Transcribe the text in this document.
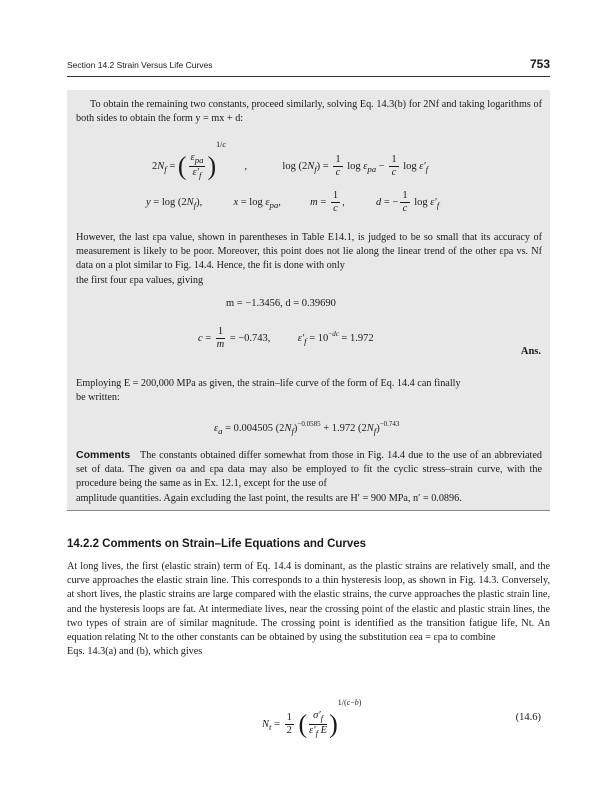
Section 14.2 Strain Versus Life Curves	753
To obtain the remaining two constants, proceed similarly, solving Eq. 14.3(b) for 2Nf and taking logarithms of both sides to obtain the form y = mx + d:
$2N_f$ = ( $\frac{\varepsilon_{pa}}{\varepsilon'_f} )^{1/c}$ ,	$\log (2N_f) = \frac{1}{c}$ $\log \varepsilon_{pa} - \frac{1}{c}$ $\log \varepsilon'_f$
$y = \log (2N_f)$,	$x = \log \varepsilon_{pa}$,	$m = \frac{1}{c}$ ,	d = − $\frac{1}{c}$ $\log \varepsilon'_f$
However, the last εpa value, shown in parentheses in Table E14.1, is judged to be so small that its accuracy of measurement is likely to be poor. Moreover, this point does not lie along the linear trend of the other εpa vs. Nf data on a plot similar to Fig. 14.4. Hence, the fit is done with only
the first four εpa values, giving
m = −1.3456, d = 0.39690
$c = \frac{1}{m} = -0.743$,	$\varepsilon'_f = 10^{-dc} = 1.972$
Ans.
Employing E = 200,000 MPa as given, the strain–life curve of the form of Eq. 14.4 can finally
be written:
$\varepsilon_a = 0.004505$ $(2N_f)^{-0.0585} + 1.972$ $(2N_f)^{-0.743}$
Comments The constants obtained differ somewhat from those in Fig. 14.4 due to the use of an abbreviated set of data. The given σa and εpa data may also be employed to fit the cyclic stress–strain curve, with the procedure being the same as in Ex. 12.1, except for the use of
amplitude quantities. Again excluding the last point, the results are H′ = 900 MPa, n′ = 0.0896.
14.2.2 Comments on Strain–Life Equations and Curves
At long lives, the first (elastic strain) term of Eq. 14.4 is dominant, as the plastic strains are relatively small, and the curve approaches the elastic strain line. This corresponds to a thin hysteresis loop, as shown in Fig. 14.3. Conversely, at short lives, the plastic strains are large compared with the elastic strains, the curve approaches the plastic strain line, and the hysteresis loops are fat. At intermediate lives, near the crossing point of the elastic and plastic strain lines, the two types of strain are of similar magnitude. The crossing point is identified as the transition fatigue life, Nt. An equation relating Nt to the other constants can be obtained by using the substitution εea = εpa to combine
Eqs. 14.3(a) and (b), which gives
$N_t = \frac{1}{2}$ ( $\frac{\sigma'_f}{\varepsilon'_f E} )^{1/(c-b)}$
(14.6)
